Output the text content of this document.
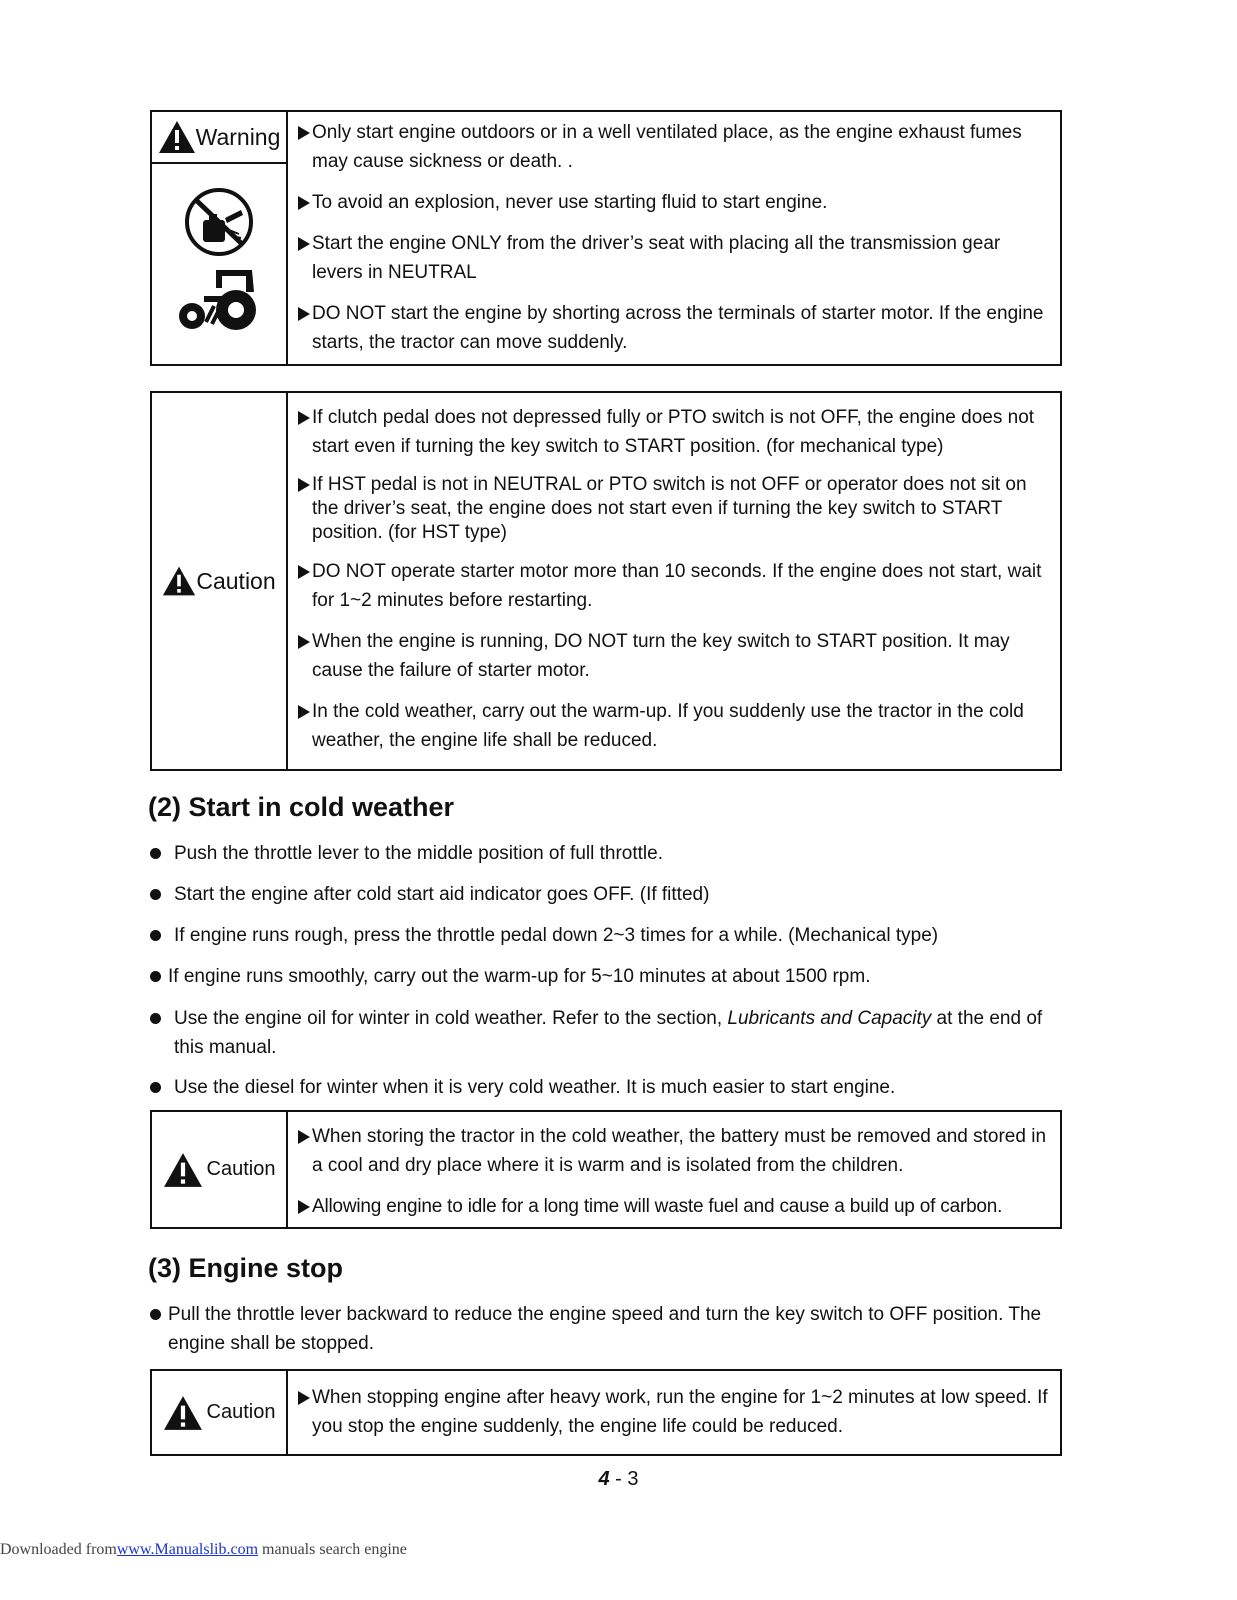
Warning	Only start engine outdoors or in a well ventilated place, as the engine exhaust fumes may cause sickness or death. .
To avoid an explosion, never use starting fluid to start engine.
Start the engine ONLY from the driver’s seat with placing all the transmission gear levers in NEUTRAL
DO NOT start the engine by shorting across the terminals of starter motor. If the engine starts, the tractor can move suddenly.
Caution
If clutch pedal does not depressed fully or PTO switch is not OFF, the engine does not start even if turning the key switch to START position. (for mechanical type)
If HST pedal is not in NEUTRAL or PTO switch is not OFF or operator does not sit on the driver’s seat, the engine does not start even if turning the key switch to START position. (for HST type)
DO NOT operate starter motor more than 10 seconds. If the engine does not start, wait for 1~2 minutes before restarting.
When the engine is running, DO NOT turn the key switch to START position. It may cause the failure of starter motor.
In the cold weather, carry out the warm-up. If you suddenly use the tractor in the cold weather, the engine life shall be reduced.
(2) Start in cold weather
Push the throttle lever to the middle position of full throttle.
Start the engine after cold start aid indicator goes OFF. (If fitted)
If engine runs rough, press the throttle pedal down 2~3 times for a while. (Mechanical type)
If engine runs smoothly, carry out the warm-up for 5~10 minutes at about 1500 rpm.
Use the engine oil for winter in cold weather. Refer to the section, Lubricants and Capacity at the end of this manual.
Use the diesel for winter when it is very cold weather. It is much easier to start engine.
Caution
When storing the tractor in the cold weather, the battery must be removed and stored in a cool and dry place where it is warm and is isolated from the children.
Allowing engine to idle for a long time will waste fuel and cause a build up of carbon.
(3) Engine stop
Pull the throttle lever backward to reduce the engine speed and turn the key switch to OFF position. The engine shall be stopped.
Caution
When stopping engine after heavy work, run the engine for 1~2 minutes at low speed. If you stop the engine suddenly, the engine life could be reduced.
4 - 3
Downloaded fromwww.Manualslib.com manuals search engine
